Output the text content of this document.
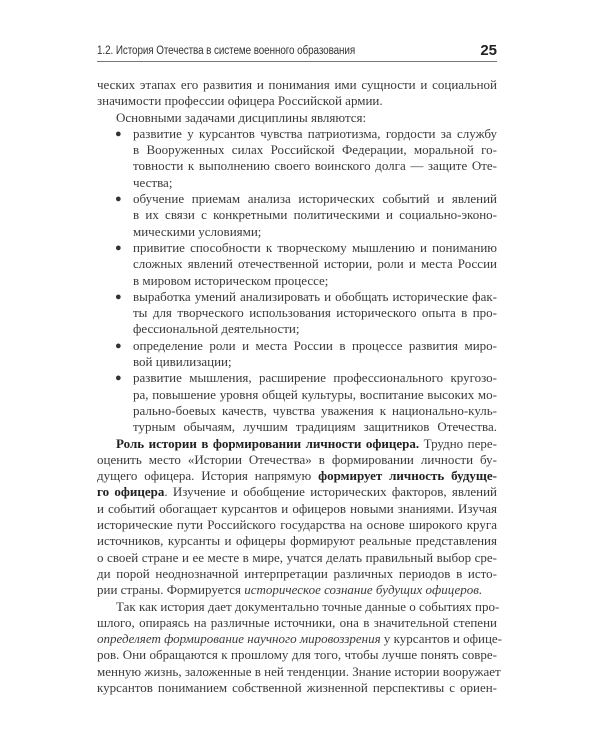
1.2. История Отечества в системе военного образования	25
ческих этапах его развития и понимания ими сущности и социальной
значимости профессии офицера Российской армии.
Основными задачами дисциплины являются:
● развитие у курсантов чувства патриотизма, гордости за службу
в Вооруженных силах Российской Федерации, моральной го-
товности к выполнению своего воинского долга — защите Оте-
чества;
● обучение приемам анализа исторических событий и явлений
в их связи с конкретными политическими и социально-эконо-
мическими условиями;
● привитие способности к творческому мышлению и пониманию
сложных явлений отечественной истории, роли и места России
в мировом историческом процессе;
● выработка умений анализировать и обобщать исторические фак-
ты для творческого использования исторического опыта в про-
фессиональной деятельности;
● определение роли и места России в процессе развития миро-
вой цивилизации;
● развитие мышления, расширение профессионального кругозо-
ра, повышение уровня общей культуры, воспитание высоких мо-
рально-боевых качеств, чувства уважения к национально-куль-
турным обычаям, лучшим традициям защитников Отечества.
Роль истории в формировании личности офицера. Трудно пере-
оценить место «Истории Отечества» в формировании личности бу-
дущего офицера. История напрямую формирует личность будуще-
го офицера. Изучение и обобщение исторических факторов, явлений
и событий обогащает курсантов и офицеров новыми знаниями. Изучая
исторические пути Российского государства на основе широкого круга
источников, курсанты и офицеры формируют реальные представления
о своей стране и ее месте в мире, учатся делать правильный выбор сре-
ди порой неоднозначной интерпретации различных периодов в исто-
рии страны. Формируется историческое сознание будущих офицеров.
Так как история дает документально точные данные о событиях про-
шлого, опираясь на различные источники, она в значительной степени
определяет формирование научного мировоззрения у курсантов и офице-
ров. Они обращаются к прошлому для того, чтобы лучше понять совре-
менную жизнь, заложенные в ней тенденции. Знание истории вооружает
курсантов пониманием собственной жизненной перспективы с ориен-
